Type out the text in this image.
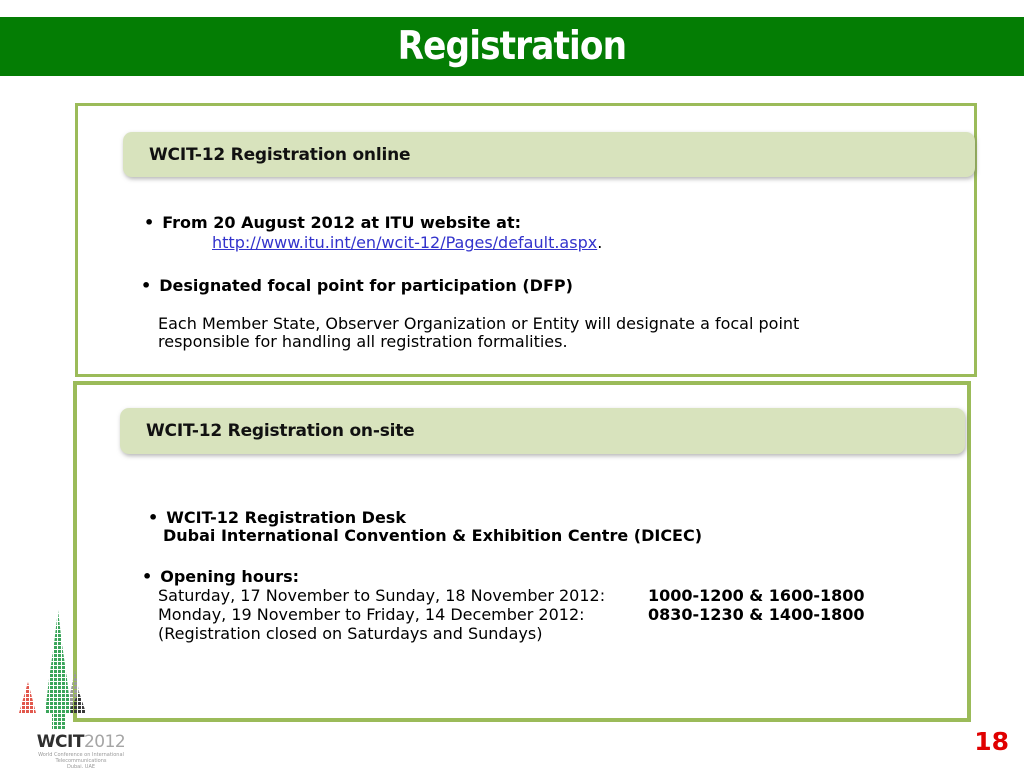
Registration
WCIT-12 Registration online
• From 20 August 2012 at ITU website at:
http://www.itu.int/en/wcit-12/Pages/default.aspx.
• Designated focal point for participation (DFP)
Each Member State, Observer Organization or Entity will designate a focal point
responsible for handling all registration formalities.
WCIT-12 Registration on-site
• WCIT-12 Registration Desk
Dubai International Convention & Exhibition Centre (DICEC)
• Opening hours:
Saturday, 17 November to Sunday, 18 November 2012:	1000-1200 & 1600-1800
Monday, 19 November to Friday, 14 December 2012:	0830-1230 & 1400-1800
(Registration closed on Saturdays and Sundays)
WCIT2012
World Conference on International
Telecommunications
Dubai, UAE
18
